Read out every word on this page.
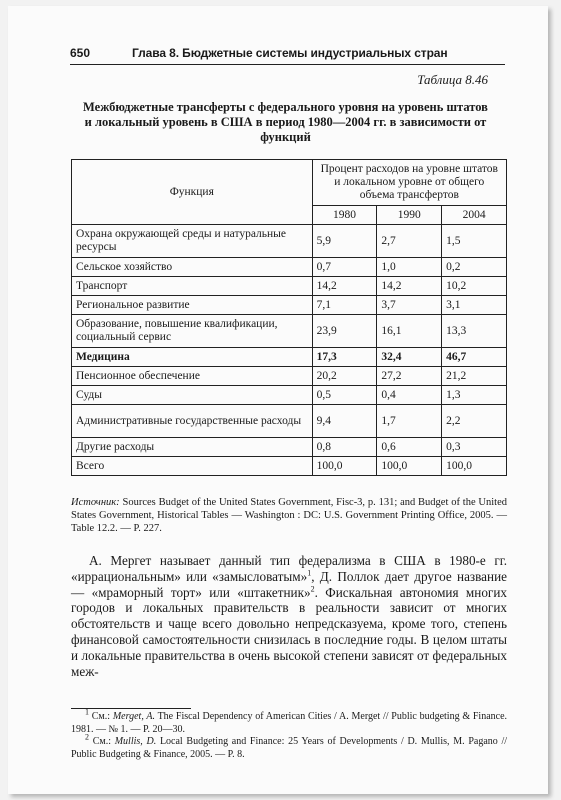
650	Глава 8. Бюджетные системы индустриальных стран
Таблица 8.46
Межбюджетные трансферты с федерального уровня на уровень штатов и локальный уровень в США в период 1980—2004 гг. в зависимости от функций
Функция	Процент расходов на уровне штатов и локальном уровне от общего объема трансфертов		
	1980	1990	2004
Охрана окружающей среды и натуральные ресурсы	5,9	2,7	1,5
Сельское хозяйство	0,7	1,0	0,2
Транспорт	14,2	14,2	10,2
Региональное развитие	7,1	3,7	3,1
Образование, повышение квалификации, социальный сервис	23,9	16,1	13,3
Медицина	17,3	32,4	46,7
Пенсионное обеспечение	20,2	27,2	21,2
Суды	0,5	0,4	1,3
Административные государственные расходы	9,4	1,7	2,2
Другие расходы	0,8	0,6	0,3
Всего	100,0	100,0	100,0
Источник: Sources Budget of the United States Government, Fisc-3, p. 131; and Budget of the United States Government, Historical Tables — Washington : DC: U.S. Government Printing Office, 2005. — Table 12.2. — P. 227.

А. Мергет называет данный тип федерализма в США в 1980-е гг. «иррациональным» или «замысловатым»$^1$, Д. Поллок дает другое название — «мраморный торт» или «штакетник»$^2$. Фискальная автономия многих городов и локальных правительств в реальности зависит от многих обстоятельств и чаще всего довольно непредсказуема, кроме того, степень финансовой самостоятельности снизилась в последние годы. В целом штаты и локальные правительства в очень высокой степени зависят от федеральных меж-

$^1$ См.: Merget, A. The Fiscal Dependency of American Cities / A. Merget // Public budgeting & Finance. 1981. — № 1. — P. 20—30.

$^2$ См.: Mullis, D. Local Budgeting and Finance: 25 Years of Developments / D. Mullis, M. Pagano // Public Budgeting & Finance, 2005. — P. 8.
